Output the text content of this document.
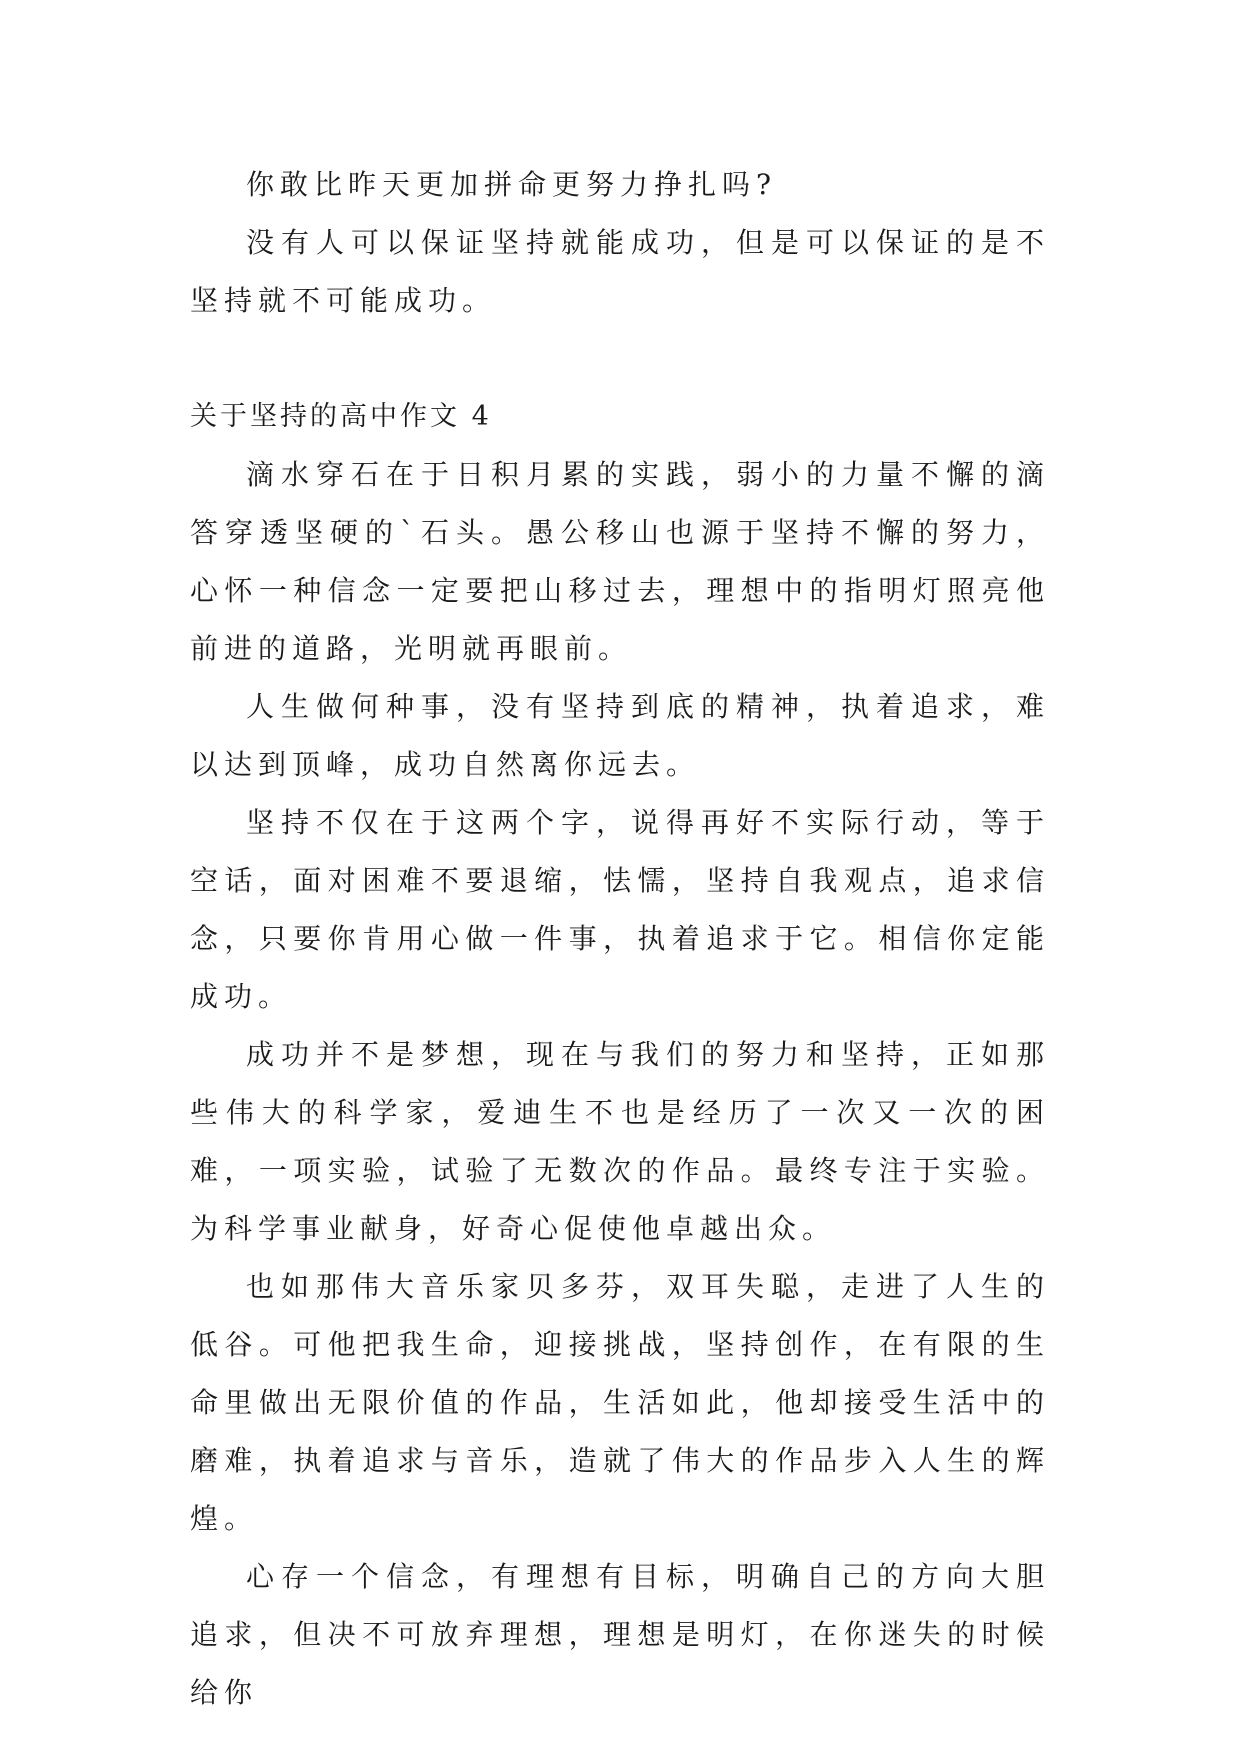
你敢比昨天更加拼命更努力挣扎吗?

没有人可以保证坚持就能成功，但是可以保证的是不坚持就不可能成功。

关于坚持的高中作文 4

滴水穿石在于日积月累的实践，弱小的力量不懈的滴答穿透坚硬的`石头。愚公移山也源于坚持不懈的努力，心怀一种信念一定要把山移过去，理想中的指明灯照亮他前进的道路，光明就再眼前。

人生做何种事，没有坚持到底的精神，执着追求，难以达到顶峰，成功自然离你远去。

坚持不仅在于这两个字，说得再好不实际行动，等于空话，面对困难不要退缩，怯懦，坚持自我观点，追求信念，只要你肯用心做一件事，执着追求于它。相信你定能成功。

成功并不是梦想，现在与我们的努力和坚持，正如那些伟大的科学家，爱迪生不也是经历了一次又一次的困难，一项实验，试验了无数次的作品。最终专注于实验。为科学事业献身，好奇心促使他卓越出众。

也如那伟大音乐家贝多芬，双耳失聪，走进了人生的低谷。可他把我生命，迎接挑战，坚持创作，在有限的生命里做出无限价值的作品，生活如此，他却接受生活中的磨难，执着追求与音乐，造就了伟大的作品步入人生的辉煌。

心存一个信念，有理想有目标，明确自己的方向大胆追求，但决不可放弃理想，理想是明灯，在你迷失的时候给你
